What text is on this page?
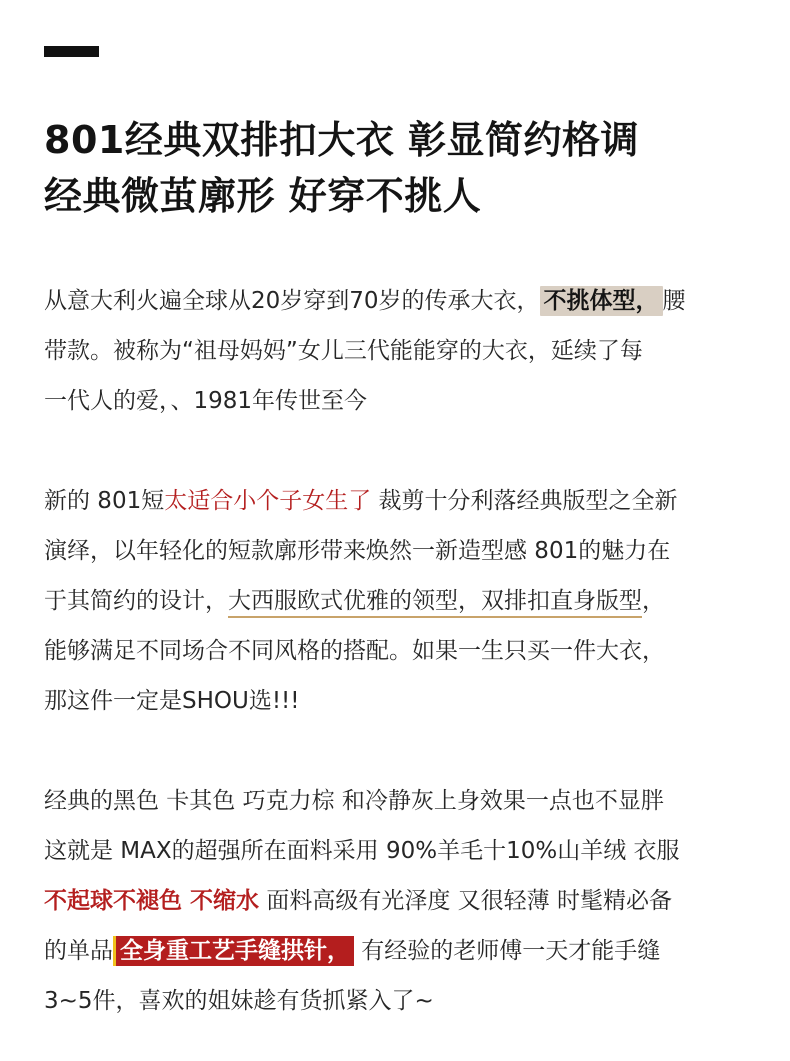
801经典双排扣大衣 彰显简约格调
经典微茧廓形 好穿不挑人
从意大利火遍全球从20岁穿到70岁的传承大衣， 不挑体型， 腰
带款。被称为“祖母妈妈”女儿三代能能穿的大衣，延续了每
一代人的爱，、1981年传世至今
新的 801短太适合小个子女生了 裁剪十分利落经典版型之全新
演绎，以年轻化的短款廓形带来焕然一新造型感 801的魅力在
于其简约的设计，大西服欧式优雅的领型，双排扣直身版型，
能够满足不同场合不同风格的搭配。如果一生只买一件大衣，
那这件一定是SHOU选!!!
经典的黑色 卡其色 巧克力棕 和冷静灰上身效果一点也不显胖
这就是 MAX的超强所在面料采用 90%羊毛十10%山羊绒 衣服
不起球不褪色 不缩水 面料高级有光泽度 又很轻薄 时髦精必备
的单品 全身重工艺手缝拱针， 有经验的老师傅一天才能手缝
3~5件，喜欢的姐妹趁有货抓紧入了~
